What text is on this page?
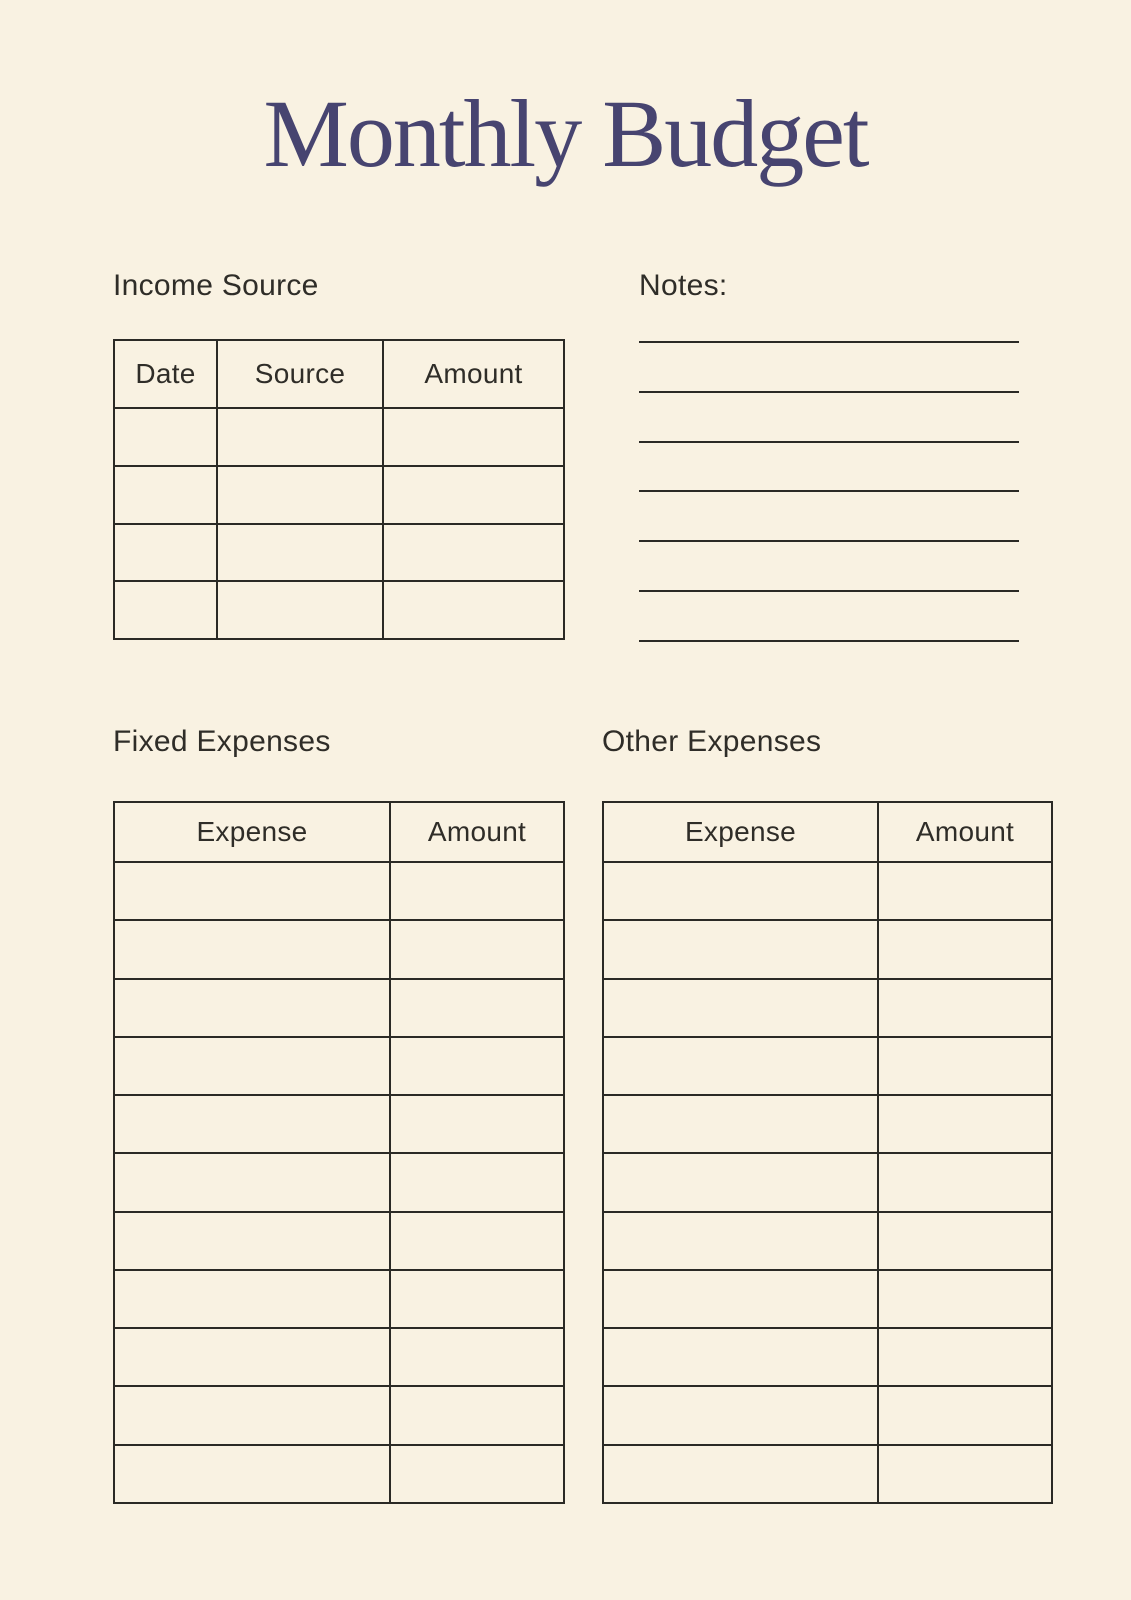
Monthly Budget
Income Source
Date	Source	Amount
Notes:
Fixed Expenses
Expense	Amount
Other Expenses
Expense	Amount
